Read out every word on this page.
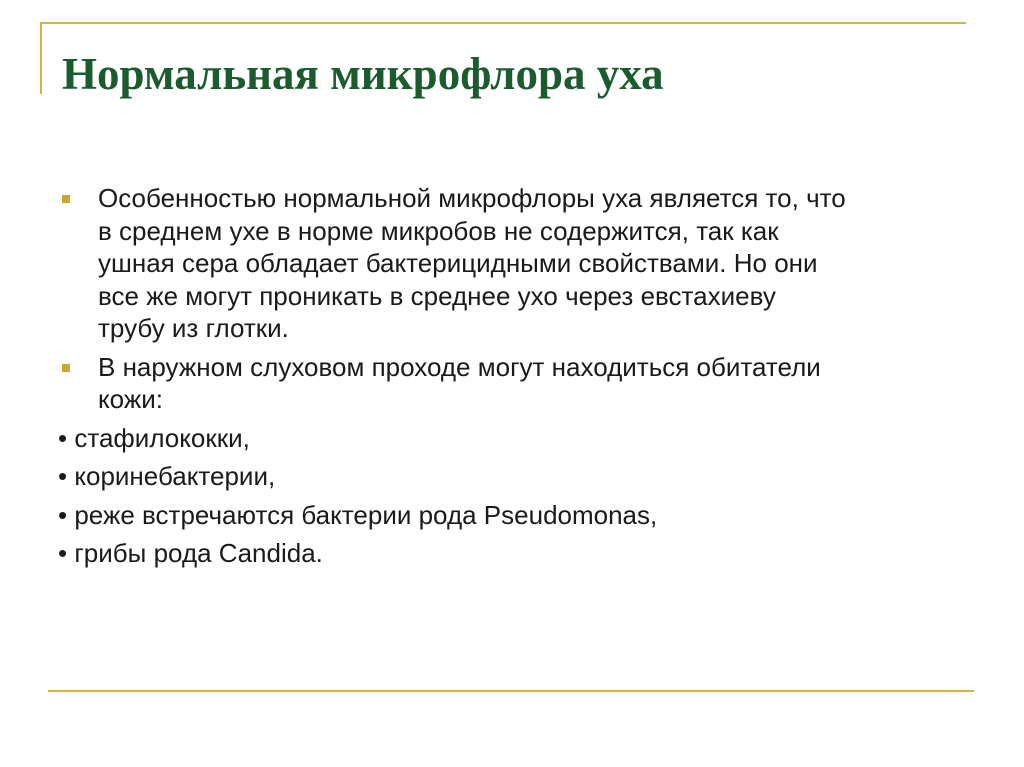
Нормальная микрофлора уха
Особенностью нормальной микрофлоры уха является то, что
в среднем ухе в норме микробов не содержится, так как
ушная сера обладает бактерицидными свойствами. Но они
все же могут проникать в среднее ухо через евстахиеву
трубу из глотки.
В наружном слуховом проходе могут находиться обитатели
кожи:
• стафилококки,
• коринебактерии,
• реже встречаются бактерии рода Pseudomonas,
• грибы рода Candida.
